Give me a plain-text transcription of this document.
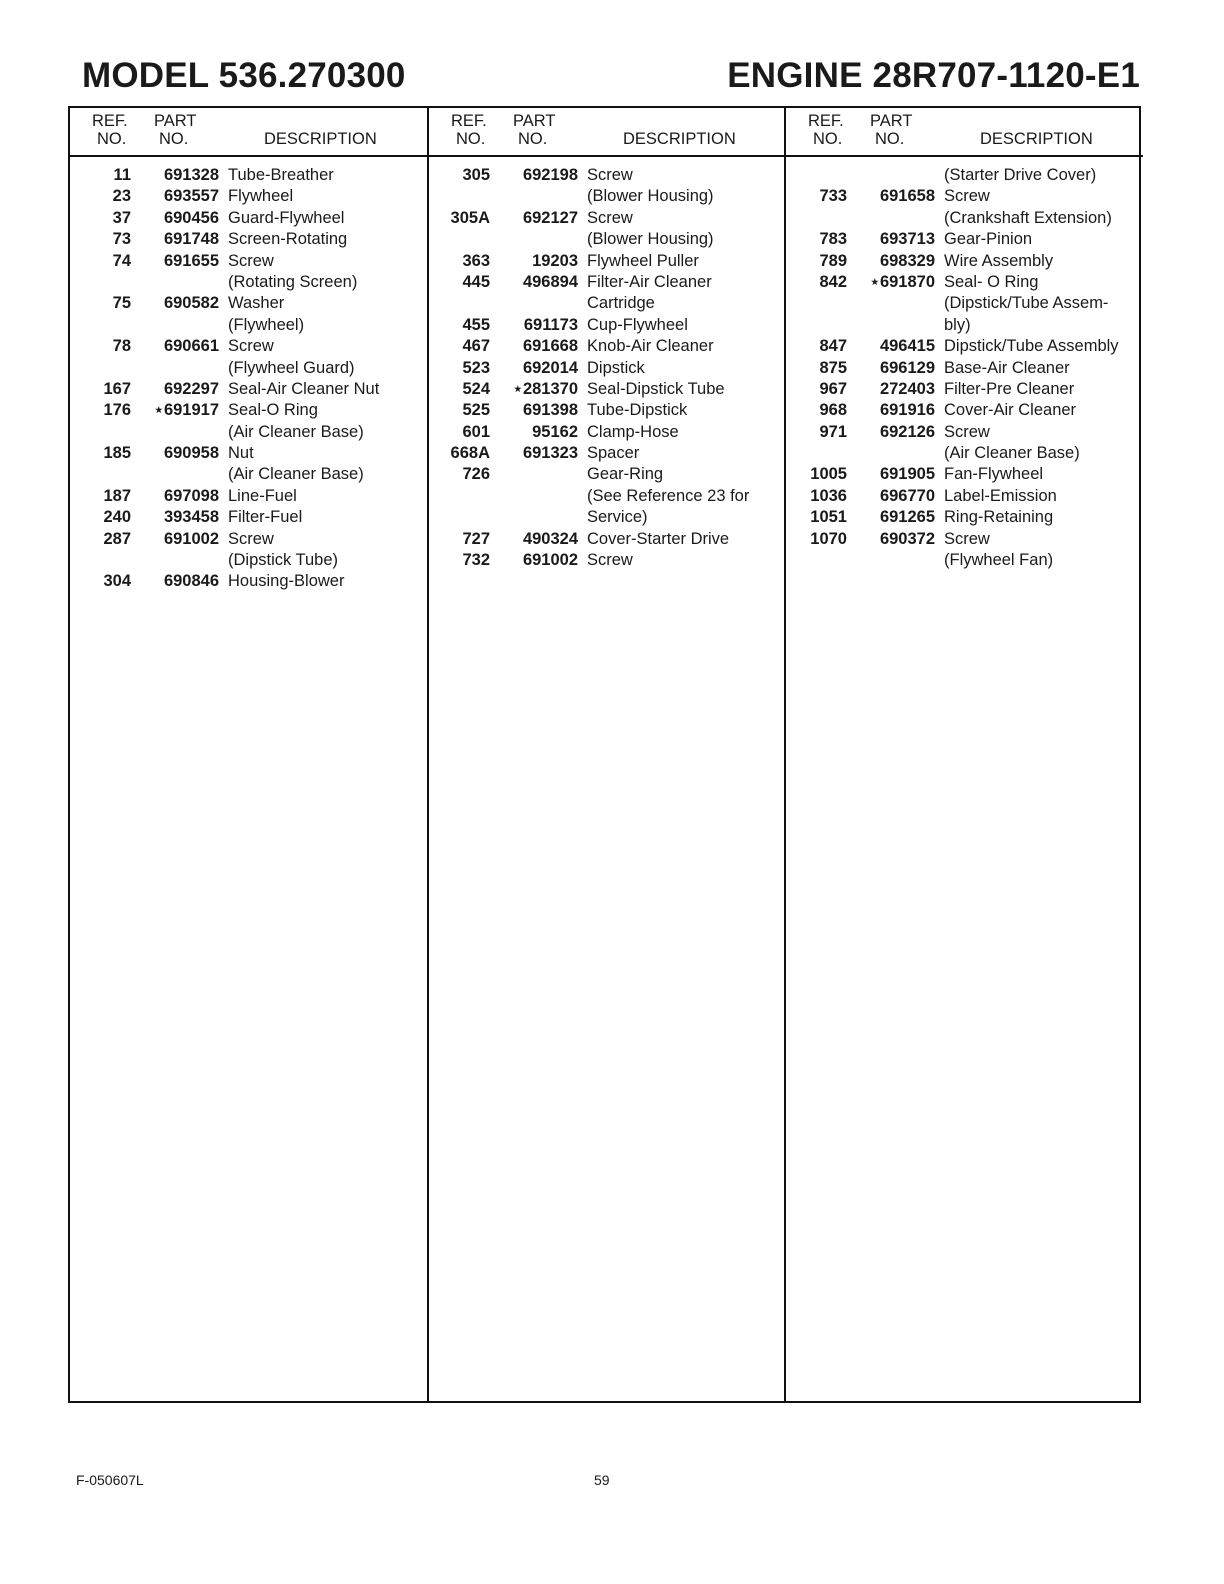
MODEL 536.270300	ENGINE 28R707-1120-E1
REF.
NO.
PART
NO.	DESCRIPTION
11 691328 Tube-Breather
23 693557 Flywheel
37 690456 Guard-Flywheel
73 691748 Screen-Rotating
74 691655 Screw
(Rotating Screen)
75 690582 Washer
(Flywheel)
78 690661 Screw
(Flywheel Guard)
167 692297 Seal-Air Cleaner Nut
176 ⋆691917 Seal-O Ring
(Air Cleaner Base)
185 690958 Nut
(Air Cleaner Base)
187 697098 Line-Fuel
240 393458 Filter-Fuel
287 691002 Screw
(Dipstick Tube)
304 690846 Housing-Blower
REF.
NO.
PART
NO.	DESCRIPTION
305 692198 Screw
(Blower Housing)
305A 692127 Screw
(Blower Housing)
363	19203 Flywheel Puller
445 496894 Filter-Air Cleaner
Cartridge
455 691173 Cup-Flywheel
467 691668 Knob-Air Cleaner
523 692014 Dipstick
524 ⋆281370 Seal-Dipstick Tube
525 691398 Tube-Dipstick
601	95162 Clamp-Hose
668A 691323 Spacer
726	Gear-Ring
(See Reference 23 for
Service)
727 490324 Cover-Starter Drive
732 691002 Screw
REF.
NO.
PART
NO.	DESCRIPTION
(Starter Drive Cover)
733 691658 Screw
(Crankshaft Extension)
783 693713 Gear-Pinion
789 698329 Wire Assembly
842 ⋆691870 Seal- O Ring
(Dipstick/Tube Assem-
bly)
847 496415 Dipstick/Tube Assembly
875 696129 Base-Air Cleaner
967 272403 Filter-Pre Cleaner
968 691916 Cover-Air Cleaner
971 692126 Screw
(Air Cleaner Base)
1005 691905 Fan-Flywheel
1036 696770 Label-Emission
1051 691265 Ring-Retaining
1070 690372 Screw
(Flywheel Fan)
F-050607L	59
